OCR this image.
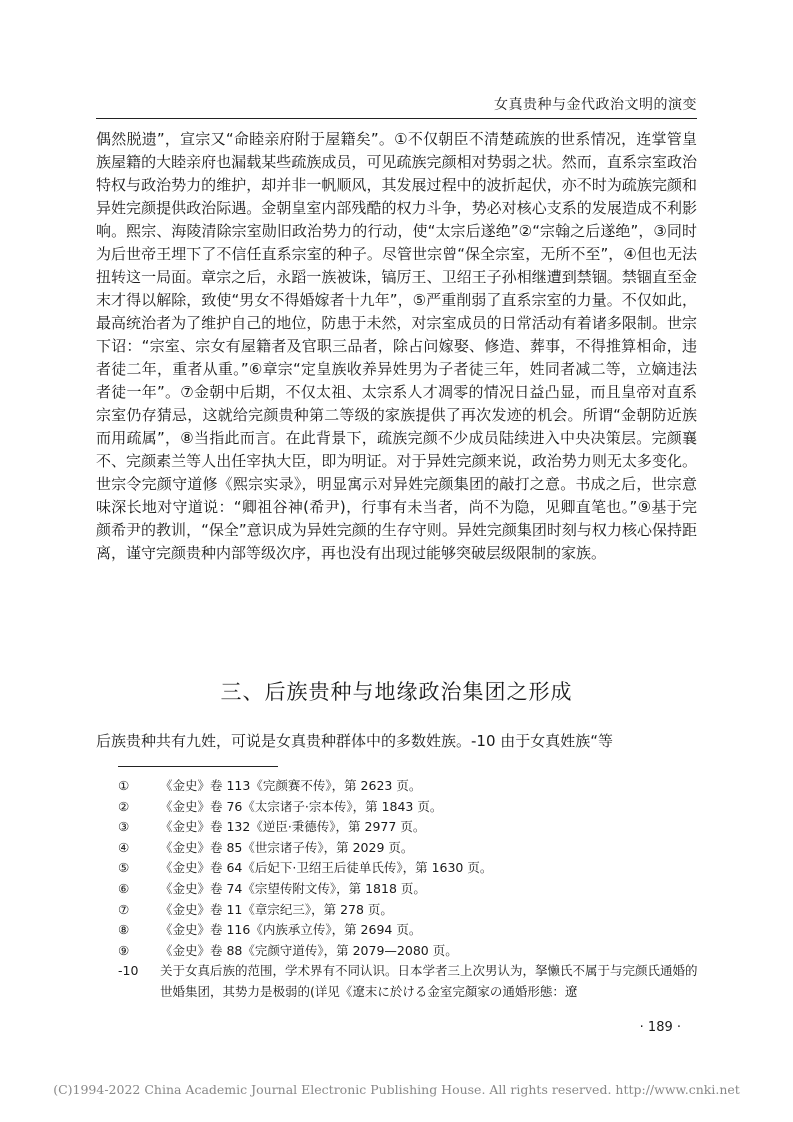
女真贵种与金代政治文明的演变

偶然脱遗”，宣宗又“命睦亲府附于屋籍矣”。①不仅朝臣不清楚疏族的世系情况，连掌管皇族屋籍的大睦亲府也漏载某些疏族成员，可见疏族完颜相对势弱之状。然而，直系宗室政治特权与政治势力的维护，却并非一帆顺风，其发展过程中的波折起伏，亦不时为疏族完颜和异姓完颜提供政治际遇。金朝皇室内部残酷的权力斗争，势必对核心支系的发展造成不利影响。熙宗、海陵清除宗室勋旧政治势力的行动，使“太宗后遂绝”②“宗翰之后遂绝”，③同时为后世帝王埋下了不信任直系宗室的种子。尽管世宗曾“保全宗室，无所不至”，④但也无法扭转这一局面。章宗之后，永蹈一族被诛，镐厉王、卫绍王子孙相继遭到禁锢。禁锢直至金末才得以解除，致使“男女不得婚嫁者十九年”，⑤严重削弱了直系宗室的力量。不仅如此，最高统治者为了维护自己的地位，防患于未然，对宗室成员的日常活动有着诸多限制。世宗下诏：“宗室、宗女有屋籍者及官职三品者，除占问嫁娶、修造、葬事，不得推算相命，违者徒二年，重者从重。”⑥章宗“定皇族收养异姓男为子者徒三年，姓同者减二等，立嫡违法者徒一年”。⑦金朝中后期，不仅太祖、太宗系人才凋零的情况日益凸显，而且皇帝对直系宗室仍存猜忌，这就给完颜贵种第二等级的家族提供了再次发迹的机会。所谓“金朝防近族而用疏属”，⑧当指此而言。在此背景下，疏族完颜不少成员陆续进入中央决策层。完颜襄不、完颜素兰等人出任宰执大臣，即为明证。对于异姓完颜来说，政治势力则无太多变化。世宗令完颜守道修《熙宗实录》，明显寓示对异姓完颜集团的敲打之意。书成之后，世宗意味深长地对守道说：“卿祖谷神(希尹)，行事有未当者，尚不为隐，见卿直笔也。”⑨基于完颜希尹的教训，“保全”意识成为异姓完颜的生存守则。异姓完颜集团时刻与权力核心保持距离，谨守完颜贵种内部等级次序，再也没有出现过能够突破层级限制的家族。

三、后族贵种与地缘政治集团之形成

后族贵种共有九姓，可说是女真贵种群体中的多数姓族。-10 由于女真姓族“等

①	《金史》卷 113《完颜赛不传》，第 2623 页。
②	《金史》卷 76《太宗诸子·宗本传》，第 1843 页。
③	《金史》卷 132《逆臣·秉德传》，第 2977 页。
④	《金史》卷 85《世宗诸子传》，第 2029 页。
⑤	《金史》卷 64《后妃下·卫绍王后徒单氏传》，第 1630 页。
⑥	《金史》卷 74《宗望传附文传》，第 1818 页。
⑦	《金史》卷 11《章宗纪三》，第 278 页。
⑧	《金史》卷 116《内族承立传》，第 2694 页。
⑨	《金史》卷 88《完颜守道传》，第 2079—2080 页。
-10	关于女真后族的范围，学术界有不同认识。日本学者三上次男认为，拏懒氏不属于与完颜氏通婚的世婚集团，其势力是极弱的(详见《遼末に於ける金室完顏家の通婚形態：遼
· 189 ·
(C)1994-2022 China Academic Journal Electronic Publishing House. All rights reserved. http://www.cnki.net
